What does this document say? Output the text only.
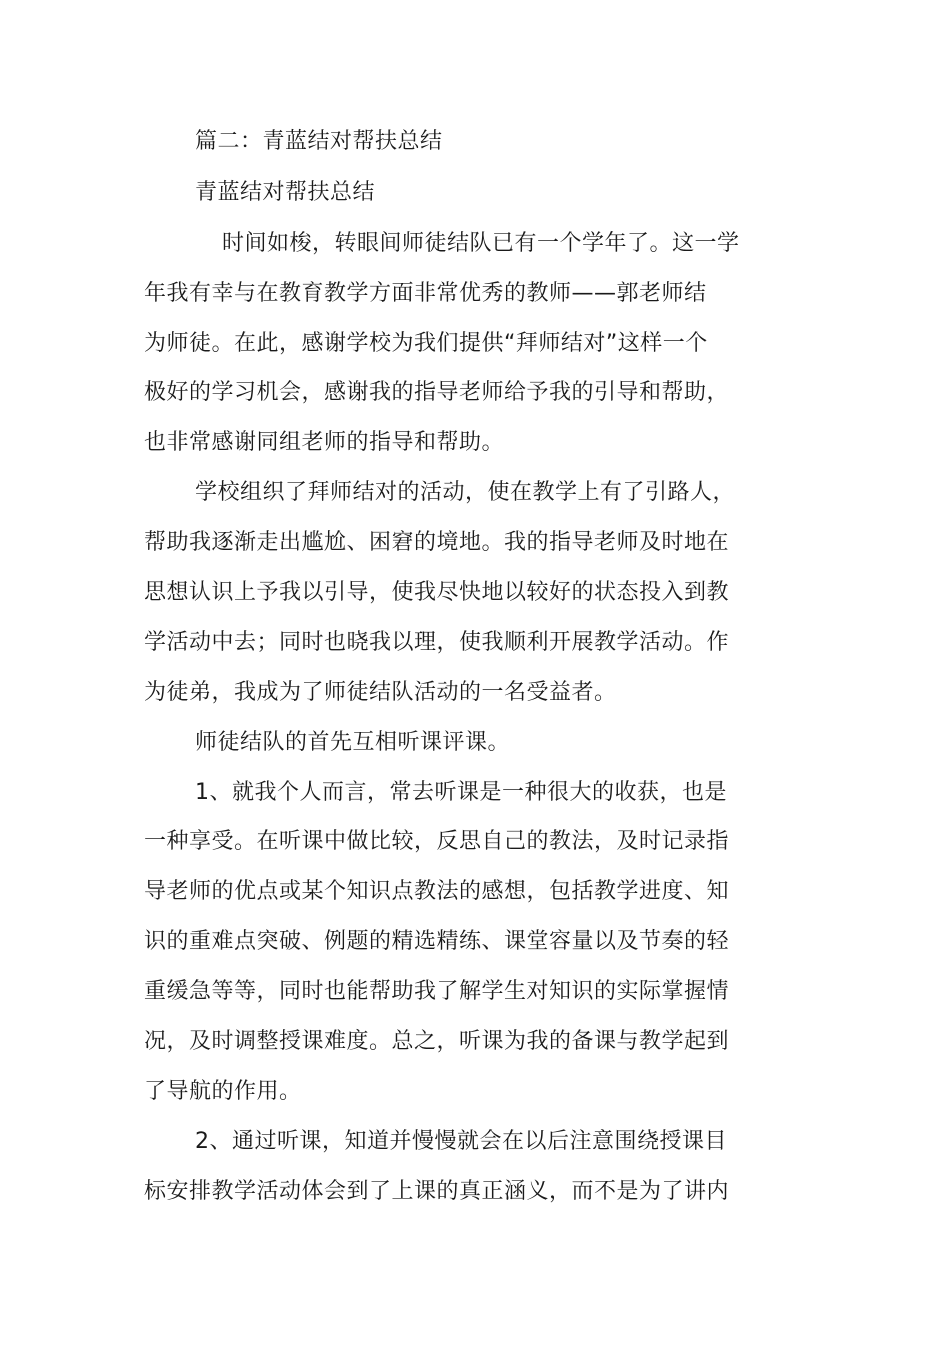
篇二：青蓝结对帮扶总结
青蓝结对帮扶总结
时间如梭，转眼间师徒结队已有一个学年了。这一学
年我有幸与在教育教学方面非常优秀的教师——郭老师结
为师徒。在此，感谢学校为我们提供“拜师结对”这样一个
极好的学习机会，感谢我的指导老师给予我的引导和帮助，
也非常感谢同组老师的指导和帮助。
学校组织了拜师结对的活动，使在教学上有了引路人，
帮助我逐渐走出尴尬、困窘的境地。我的指导老师及时地在
思想认识上予我以引导，使我尽快地以较好的状态投入到教
学活动中去；同时也晓我以理，使我顺利开展教学活动。作
为徒弟，我成为了师徒结队活动的一名受益者。
师徒结队的首先互相听课评课。
1、就我个人而言，常去听课是一种很大的收获，也是
一种享受。在听课中做比较，反思自己的教法，及时记录指
导老师的优点或某个知识点教法的感想，包括教学进度、知
识的重难点突破、例题的精选精练、课堂容量以及节奏的轻
重缓急等等，同时也能帮助我了解学生对知识的实际掌握情
况，及时调整授课难度。总之，听课为我的备课与教学起到
了导航的作用。
2、通过听课，知道并慢慢就会在以后注意围绕授课目
标安排教学活动体会到了上课的真正涵义，而不是为了讲内
